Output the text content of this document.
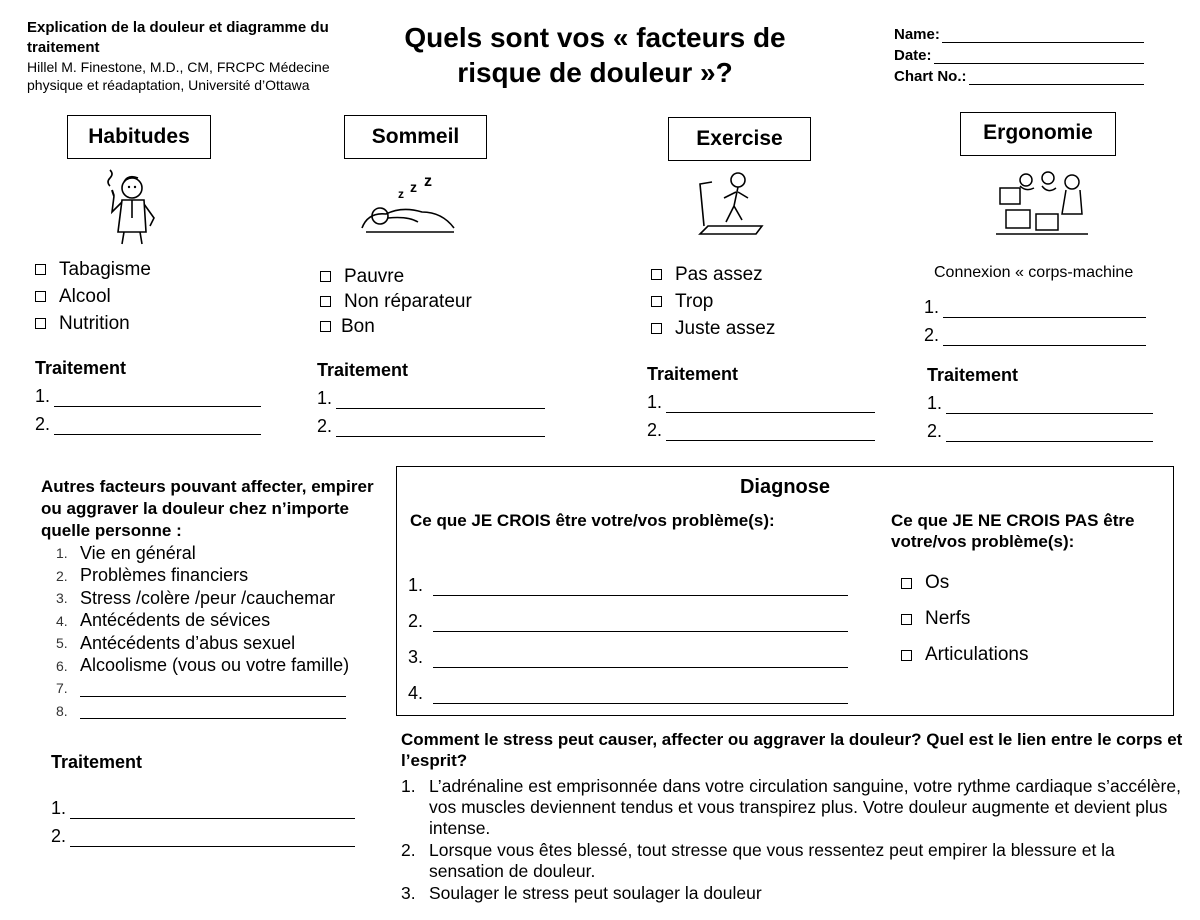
Explication de la douleur et diagramme du traitement
Hillel M. Finestone, M.D., CM, FRCPC Médecine physique et réadaptation, Université d’Ottawa
Quels sont vos « facteurs de risque de douleur »?
Name:
Date:
Chart No.:
Habitudes	Sommeil	Exercise	Ergonomie
z z z
Tabagisme
Alcool
Nutrition
Pauvre
Non réparateur
Bon
Pas assez
Trop
Juste assez
Connexion « corps-machine
1.
2.
Traitement
1.
2.
Traitement
1.
2.
Traitement
1.
2.
Traitement
1.
2.
Autres facteurs pouvant affecter, empirer ou aggraver la douleur chez n’importe quelle personne :
1. Vie en général
2. Problèmes financiers
3. Stress /colère /peur /cauchemar
4. Antécédents de sévices
5. Antécédents d’abus sexuel
6. Alcoolisme (vous ou votre famille)
7.
8.
Traitement
1.
2.
Diagnose
Ce que JE CROIS être votre/vos problème(s):	Ce que JE NE CROIS PAS être votre/vos problème(s):
1.
2.
3.
4.
Os
Nerfs
Articulations
Comment le stress peut causer, affecter ou aggraver la douleur? Quel est le lien entre le corps et l’esprit?
1. L’adrénaline est emprisonnée dans votre circulation sanguine, votre rythme cardiaque s’accélère, vos muscles deviennent tendus et vous transpirez plus. Votre douleur augmente et devient plus intense.
2. Lorsque vous êtes blessé, tout stresse que vous ressentez peut empirer la blessure et la sensation de douleur.
3. Soulager le stress peut soulager la douleur
